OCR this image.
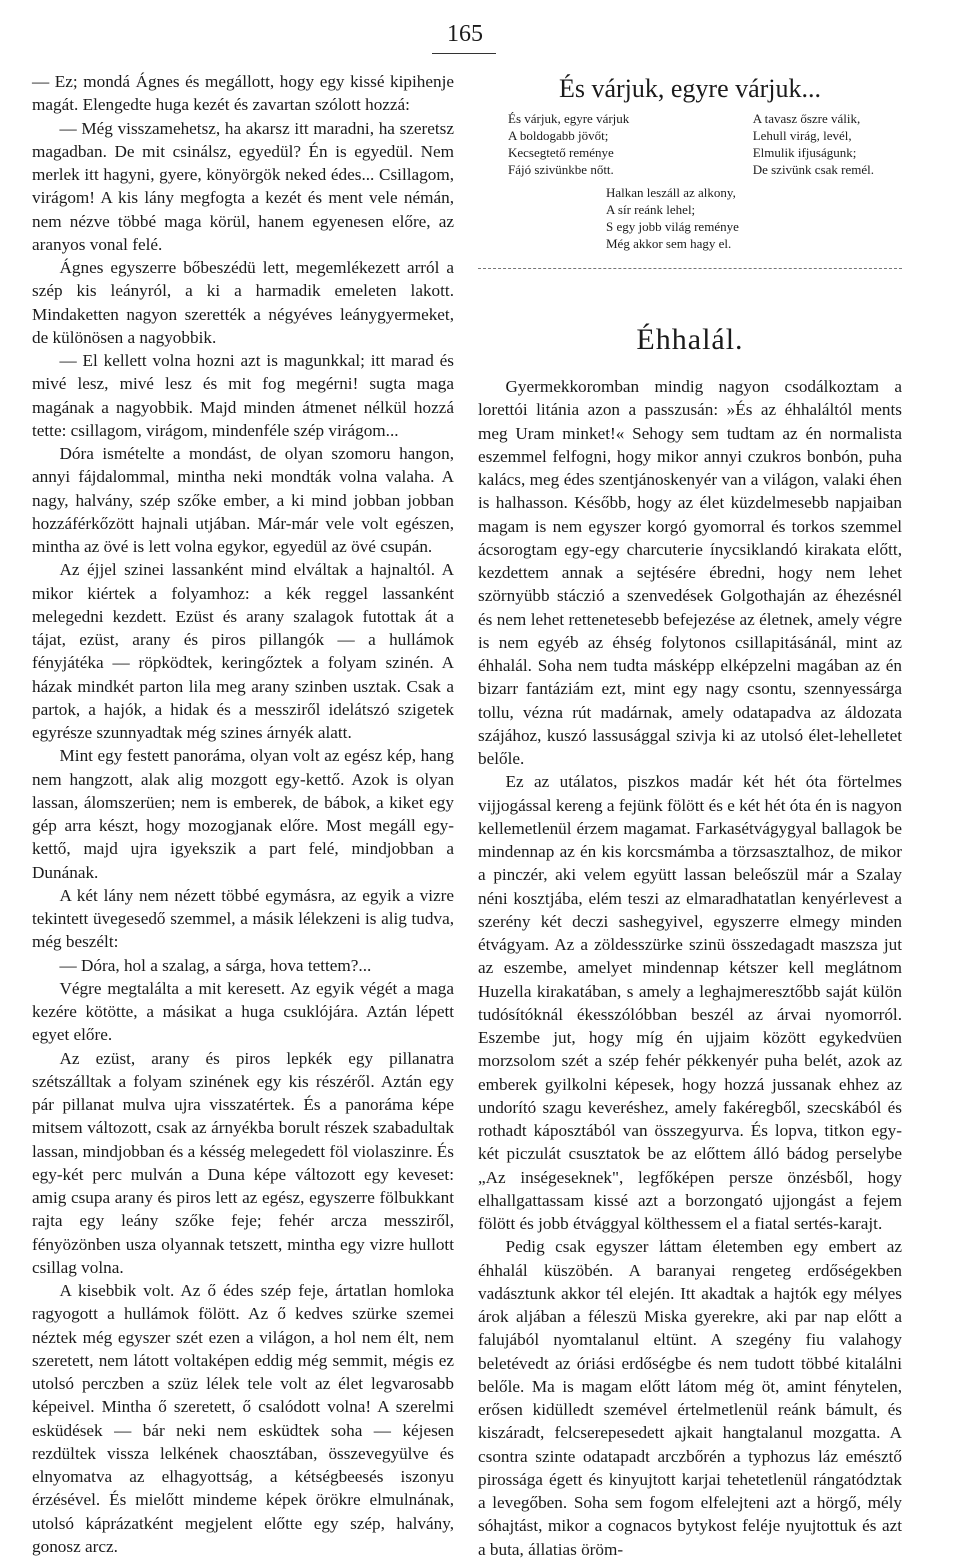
165

— Ez; mondá Ágnes és megállott, hogy egy kissé kipihenje magát. Elengedte huga kezét és zavartan szólott hozzá:

— Még visszamehetsz, ha akarsz itt maradni, ha szeretsz magadban. De mit csinálsz, egyedül? Én is egyedül. Nem merlek itt hagyni, gyere, könyörgök neked édes... Csillagom, virágom! A kis lány megfogta a kezét és ment vele némán, nem nézve többé maga körül, hanem egyenesen előre, az aranyos vonal felé.

Ágnes egyszerre bőbeszédü lett, megemlékezett arról a szép kis leányról, a ki a harmadik emeleten lakott. Mindaketten nagyon szerették a négyéves leánygyermeket, de különösen a nagyobbik.

— El kellett volna hozni azt is magunkkal; itt marad és mivé lesz, mivé lesz és mit fog megérni! sugta maga magának a nagyobbik. Majd minden átmenet nélkül hozzá tette: csillagom, virágom, mindenféle szép virágom...

Dóra ismételte a mondást, de olyan szomoru hangon, annyi fájdalommal, mintha neki mondták volna valaha. A nagy, halvány, szép szőke ember, a ki mind jobban jobban hozzáférkőzött hajnali utjában. Már-már vele volt egészen, mintha az övé is lett volna egykor, egyedül az övé csupán.

Az éjjel szinei lassanként mind elváltak a hajnaltól. A mikor kiértek a folyamhoz: a kék reggel lassanként melegedni kezdett. Ezüst és arany szalagok futottak át a tájat, ezüst, arany és piros pillangók — a hullámok fényjátéka — röpködtek, keringőztek a folyam szinén. A házak mindkét parton lila meg arany szinben usztak. Csak a partok, a hajók, a hidak és a messziről idelátszó szigetek egyrésze szunnyadtak még szines árnyék alatt.

Mint egy festett panoráma, olyan volt az egész kép, hang nem hangzott, alak alig mozgott egy-kettő. Azok is olyan lassan, álomszerüen; nem is emberek, de bábok, a kiket egy gép arra készt, hogy mozogjanak előre. Most megáll egy-kettő, majd ujra igyekszik a part felé, mindjobban a Dunának.

A két lány nem nézett többé egymásra, az egyik a vizre tekintett üvegesedő szemmel, a másik lélekzeni is alig tudva, még beszélt:

— Dóra, hol a szalag, a sárga, hova tettem?...

Végre megtalálta a mit keresett. Az egyik végét a maga kezére kötötte, a másikat a huga csuklójára. Aztán lépett egyet előre.

Az ezüst, arany és piros lepkék egy pillanatra szétszálltak a folyam szinének egy kis részéről. Aztán egy pár pillanat mulva ujra visszatértek. És a panoráma képe mitsem változott, csak az árnyékba borult részek szabadultak lassan, mindjobban és a késség melegedett föl violaszinre. És egy-két perc mulván a Duna képe változott egy keveset: amig csupa arany és piros lett az egész, egyszerre fölbukkant rajta egy leány szőke feje; fehér arcza messziről, fényözönben usza olyannak tetszett, mintha egy vizre hullott csillag volna.

A kisebbik volt. Az ő édes szép feje, ártatlan homloka ragyogott a hullámok fölött. Az ő kedves szürke szemei néztek még egyszer szét ezen a világon, a hol nem élt, nem szeretett, nem látott voltaképen eddig még semmit, mégis ez utolsó perczben a szüz lélek tele volt az élet legvarosabb képeivel. Mintha ő szeretett, ő csalódott volna! A szerelmi esküdések — bár neki nem esküdtek soha — kéjesen rezdültek vissza lelkének chaosztában, összevegyülve és elnyomatva az elhagyottság, a kétségbeesés iszonyu érzésével. És mielőtt mindeme képek örökre elmulnának, utolsó káprázatként megjelent előtte egy szép, halvány, gonosz arcz.

És várjuk, egyre várjuk...
És várjuk, egyre várjuk
A boldogabb jövőt;
Kecsegtető reménye
Fájó szivünkbe nőtt.
A tavasz őszre válik,
Lehull virág, levél,
Elmulik ifjuságunk;
De szivünk csak remél.
Halkan leszáll az alkony,
A sír reánk lehel;
S egy jobb világ reménye
Még akkor sem hagy el.
Éhhalál.

Gyermekkoromban mindig nagyon csodálkoztam a lorettói litánia azon a passzusán: »És az éhhaláltól ments meg Uram minket!« Sehogy sem tudtam az én normalista eszemmel felfogni, hogy mikor annyi czukros bonbón, puha kalács, meg édes szentjánoskenyér van a világon, valaki éhen is halhasson. Később, hogy az élet küzdelmesebb napjaiban magam is nem egyszer korgó gyomorral és torkos szemmel ácsorogtam egy-egy charcuterie ínycsiklandó kirakata előtt, kezdettem annak a sejtésére ébredni, hogy nem lehet szörnyübb stáczió a szenvedések Golgothaján az éhezésnél és nem lehet rettenetesebb befejezése az életnek, amely végre is nem egyéb az éhség folytonos csillapitásánál, mint az éhhalál. Soha nem tudta másképp elképzelni magában az én bizarr fantáziám ezt, mint egy nagy csontu, szennyessárga tollu, vézna rút madárnak, amely odatapadva az áldozata szájához, kuszó lassusággal szivja ki az utolsó élet-lehelletet belőle.

Ez az utálatos, piszkos madár két hét óta förtelmes vijjogással kereng a fejünk fölött és e két hét óta én is nagyon kellemetlenül érzem magamat. Farkasétvágygyal ballagok be mindennap az én kis korcsmámba a törzsasztalhoz, de mikor a pinczér, aki velem együtt lassan beleőszül már a Szalay néni kosztjába, elém teszi az elmaradhatatlan kenyérlevest a szerény két deczi sashegyivel, egyszerre elmegy minden étvágyam. Az a zöldesszürke szinü összedagadt maszsza jut az eszembe, amelyet mindennap kétszer kell meglátnom Huzella kirakatában, s amely a leghajmeresztőbb saját külön tudósítóknál ékesszólóbban beszél az árvai nyomorról. Eszembe jut, hogy míg én ujjaim között egykedvüen morzsolom szét a szép fehér pékkenyér puha belét, azok az emberek gyilkolni képesek, hogy hozzá jussanak ehhez az undorító szagu keveréshez, amely fakéregből, szecskából és rothadt káposztából van összegyurva. És lopva, titkon egy-két piczulát csusztatok be az előttem álló bádog perselybe „Az inségeseknek", legfőképen persze önzésből, hogy elhallgattassam kissé azt a borzongató ujjongást a fejem fölött és jobb étvággyal költhessem el a fiatal sertés-karajt.

Pedig csak egyszer láttam életemben egy embert az éhhalál küszöbén. A baranyai rengeteg erdőségekben vadásztunk akkor tél elején. Itt akadtak a hajtók egy mélyes árok aljában a féleszü Miska gyerekre, aki par nap előtt a falujából nyomtalanul eltünt. A szegény fiu valahogy beletévedt az óriási erdőségbe és nem tudott többé kitalálni belőle. Ma is magam előtt látom még öt, amint fénytelen, erősen kidülledt szemével értelmetlenül reánk bámult, és kiszáradt, felcserepesedett ajkait hangtalanul mozgatta. A csontra szinte odatapadt arczbőrén a typhozus láz emésztő pirossága égett és kinyujtott karjai tehetetlenül rángatództak a levegőben. Soha sem fogom elfelejteni azt a hörgő, mély sóhajtást, mikor a cognacos bytykost feléje nyujtottuk és azt a buta, állatias öröm-
